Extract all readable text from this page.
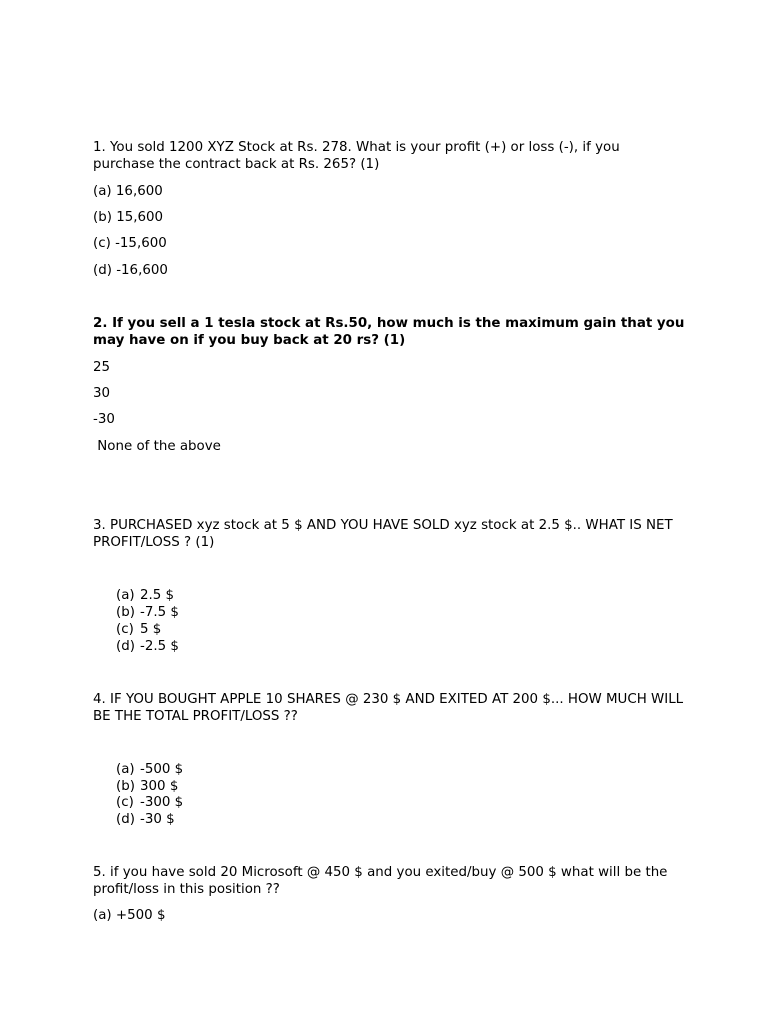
1. You sold 1200 XYZ Stock at Rs. 278. What is your profit (+) or loss (-), if you purchase the contract back at Rs. 265? (1)

(a) 16,600

(b) 15,600

(c) -15,600

(d) -16,600

2. If you sell a 1 tesla stock at Rs.50, how much is the maximum gain that you may have on if you buy back at 20 rs? (1)

25

30

-30

None of the above

3. PURCHASED xyz stock at 5 $ AND YOU HAVE SOLD xyz stock at 2.5 $.. WHAT IS NET PROFIT/LOSS ? (1)

(a) 2.5 $

(b) -7.5 $

(c) 5 $

(d) -2.5 $

4. IF YOU BOUGHT APPLE 10 SHARES @ 230 $ AND EXITED AT 200 $... HOW MUCH WILL BE THE TOTAL PROFIT/LOSS ??

(a) -500 $

(b) 300 $

(c) -300 $

(d) -30 $

5. if you have sold 20 Microsoft @ 450 $ and you exited/buy @ 500 $ what will be the profit/loss in this position ??

(a) +500 $
